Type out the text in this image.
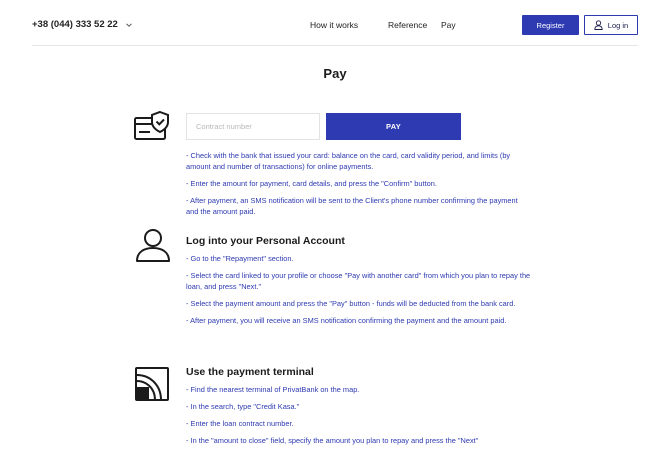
+38 (044) 333 52 22	How it works	Reference Pay	Register	Log in
Pay
Contract number
PAY

- Check with the bank that issued your card: balance on the card, card validity period, and limits (by amount and number of transactions) for online payments.

- Enter the amount for payment, card details, and press the "Confirm" button.

- After payment, an SMS notification will be sent to the Client's phone number confirming the payment and the amount paid.

Log into your Personal Account

- Go to the "Repayment" section.

- Select the card linked to your profile or choose "Pay with another card" from which you plan to repay the loan, and press "Next."

- Select the payment amount and press the "Pay" button - funds will be deducted from the bank card.

- After payment, you will receive an SMS notification confirming the payment and the amount paid.

Use the payment terminal

- Find the nearest terminal of PrivatBank on the map.

- In the search, type "Credit Kasa."

- Enter the loan contract number.

- In the "amount to close" field, specify the amount you plan to repay and press the "Next"
